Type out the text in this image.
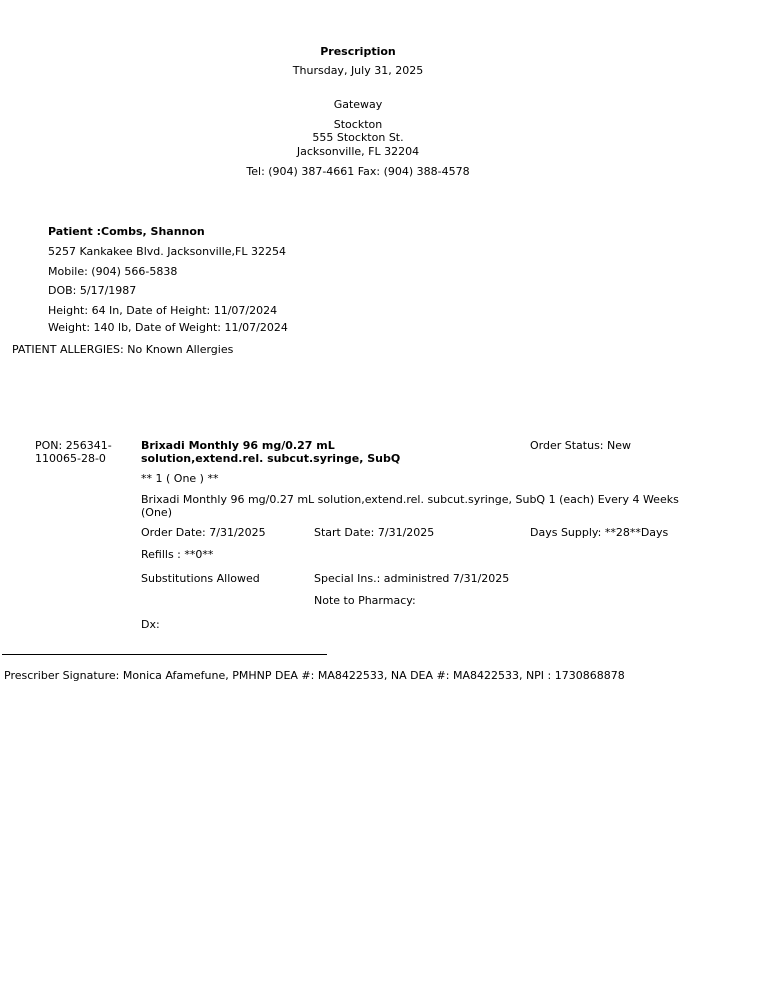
Prescription
Thursday, July 31, 2025
Gateway
Stockton
555 Stockton St.
Jacksonville, FL 32204
Tel: (904) 387-4661 Fax: (904) 388-4578
Patient :Combs, Shannon
5257 Kankakee Blvd. Jacksonville,FL 32254
Mobile: (904) 566-5838
DOB: 5/17/1987
Height: 64 In, Date of Height: 11/07/2024
Weight: 140 lb, Date of Weight: 11/07/2024
PATIENT ALLERGIES: No Known Allergies
PON: 256341-
110065-28-0
Brixadi Monthly 96 mg/0.27 mL
solution,extend.rel. subcut.syringe, SubQ
Order Status: New
** 1 ( One ) **
Brixadi Monthly 96 mg/0.27 mL solution,extend.rel. subcut.syringe, SubQ 1 (each) Every 4 Weeks
(One)
Order Date: 7/31/2025	Start Date: 7/31/2025	Days Supply: **28**Days
Refills : **0**
Substitutions Allowed	Special Ins.: administred 7/31/2025
Note to Pharmacy:
Dx:
Prescriber Signature: Monica Afamefune, PMHNP DEA #: MA8422533, NA DEA #: MA8422533, NPI : 1730868878
